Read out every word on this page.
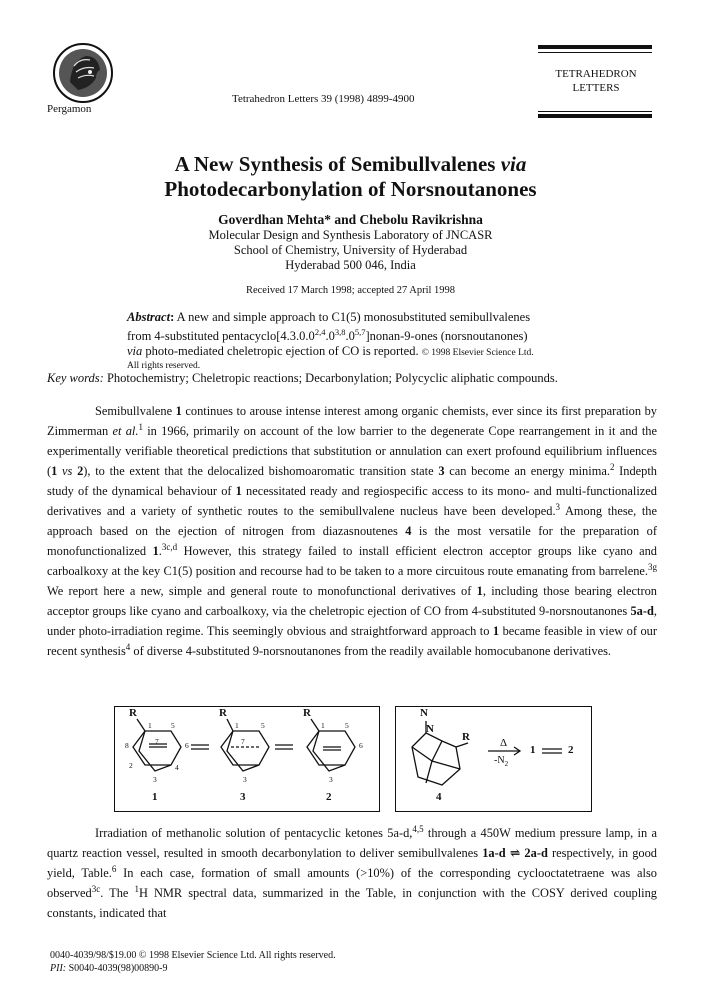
Pergamon
Tetrahedron Letters 39 (1998) 4899-4900
TETRAHEDRON
LETTERS
A New Synthesis of Semibullvalenes via
Photodecarbonylation of Norsnoutanones
Goverdhan Mehta* and Chebolu Ravikrishna
Molecular Design and Synthesis Laboratory of JNCASR
School of Chemistry, University of Hyderabad
Hyderabad 500 046, India
Received 17 March 1998; accepted 27 April 1998
Abstract: A new and simple approach to C1(5) monosubstituted semibullvalenes
from 4-substituted pentacyclo[4.3.0.0$^{2,4}$.0$^{3,8}$.0$^{5,7}$]nonan-9-ones (norsnoutanones)
via photo-mediated cheletropic ejection of CO is reported. © 1998 Elsevier Science Ltd.
All rights reserved.
Key words: Photochemistry; Cheletropic reactions; Decarbonylation; Polycyclic aliphatic compounds.

Semibullvalene 1 continues to arouse intense interest among organic chemists, ever since its first preparation by Zimmerman et al.$^1$ in 1966, primarily on account of the low barrier to the degenerate Cope rearrangement in it and the experimentally verifiable theoretical predictions that substitution or annulation can exert profound equilibrium influences (1 vs 2), to the extent that the delocalized bishomoaromatic transition state 3 can become an energy minima.$^2$ Indepth study of the dynamical behaviour of 1 necessitated ready and regiospecific access to its mono- and multi-functionalized derivatives and a variety of synthetic routes to the semibullvalene nucleus have been developed.$^3$ Among these, the approach based on the ejection of nitrogen from diazasnoutenes 4 is the most versatile for the preparation of monofunctionalized 1.$^{3c,d}$ However, this strategy failed to install efficient electron acceptor groups like cyano and carboalkoxy at the key C1(5) position and recourse had to be taken to a more circuitous route emanating from barrelene.$^{3g}$ We report here a new, simple and general route to monofunctional derivatives of 1, including those bearing electron acceptor groups like cyano and carboalkoxy, via the cheletropic ejection of CO from 4-substituted 9-norsnoutanones 5a-d, under photo-irradiation regime. This seemingly obvious and straightforward approach to 1 became feasible in view of our recent synthesis$^4$ of diverse 4-substituted 9-norsnoutanones from the readily available homocubanone derivatives.

R	R	R
1	5
6
8	7
2	4
3
1	5
7
3
1	5
6
3
1	3	2
N
N
R	Δ
$-N_2$
1	2
4

Irradiation of methanolic solution of pentacyclic ketones 5a-d,$^{4,5}$ through a 450W medium pressure lamp, in a quartz reaction vessel, resulted in smooth decarbonylation to deliver semibullvalenes 1a-d ⇌ 2a-d respectively, in good yield, Table.$^6$ In each case, formation of small amounts (>10%) of the corresponding cyclooctatetraene was also observed$^{3c}$. The $^1$H NMR spectral data, summarized in the Table, in conjunction with the COSY derived coupling constants, indicated that

0040-4039/98/$19.00 © 1998 Elsevier Science Ltd. All rights reserved.
PII: S0040-4039(98)00890-9
